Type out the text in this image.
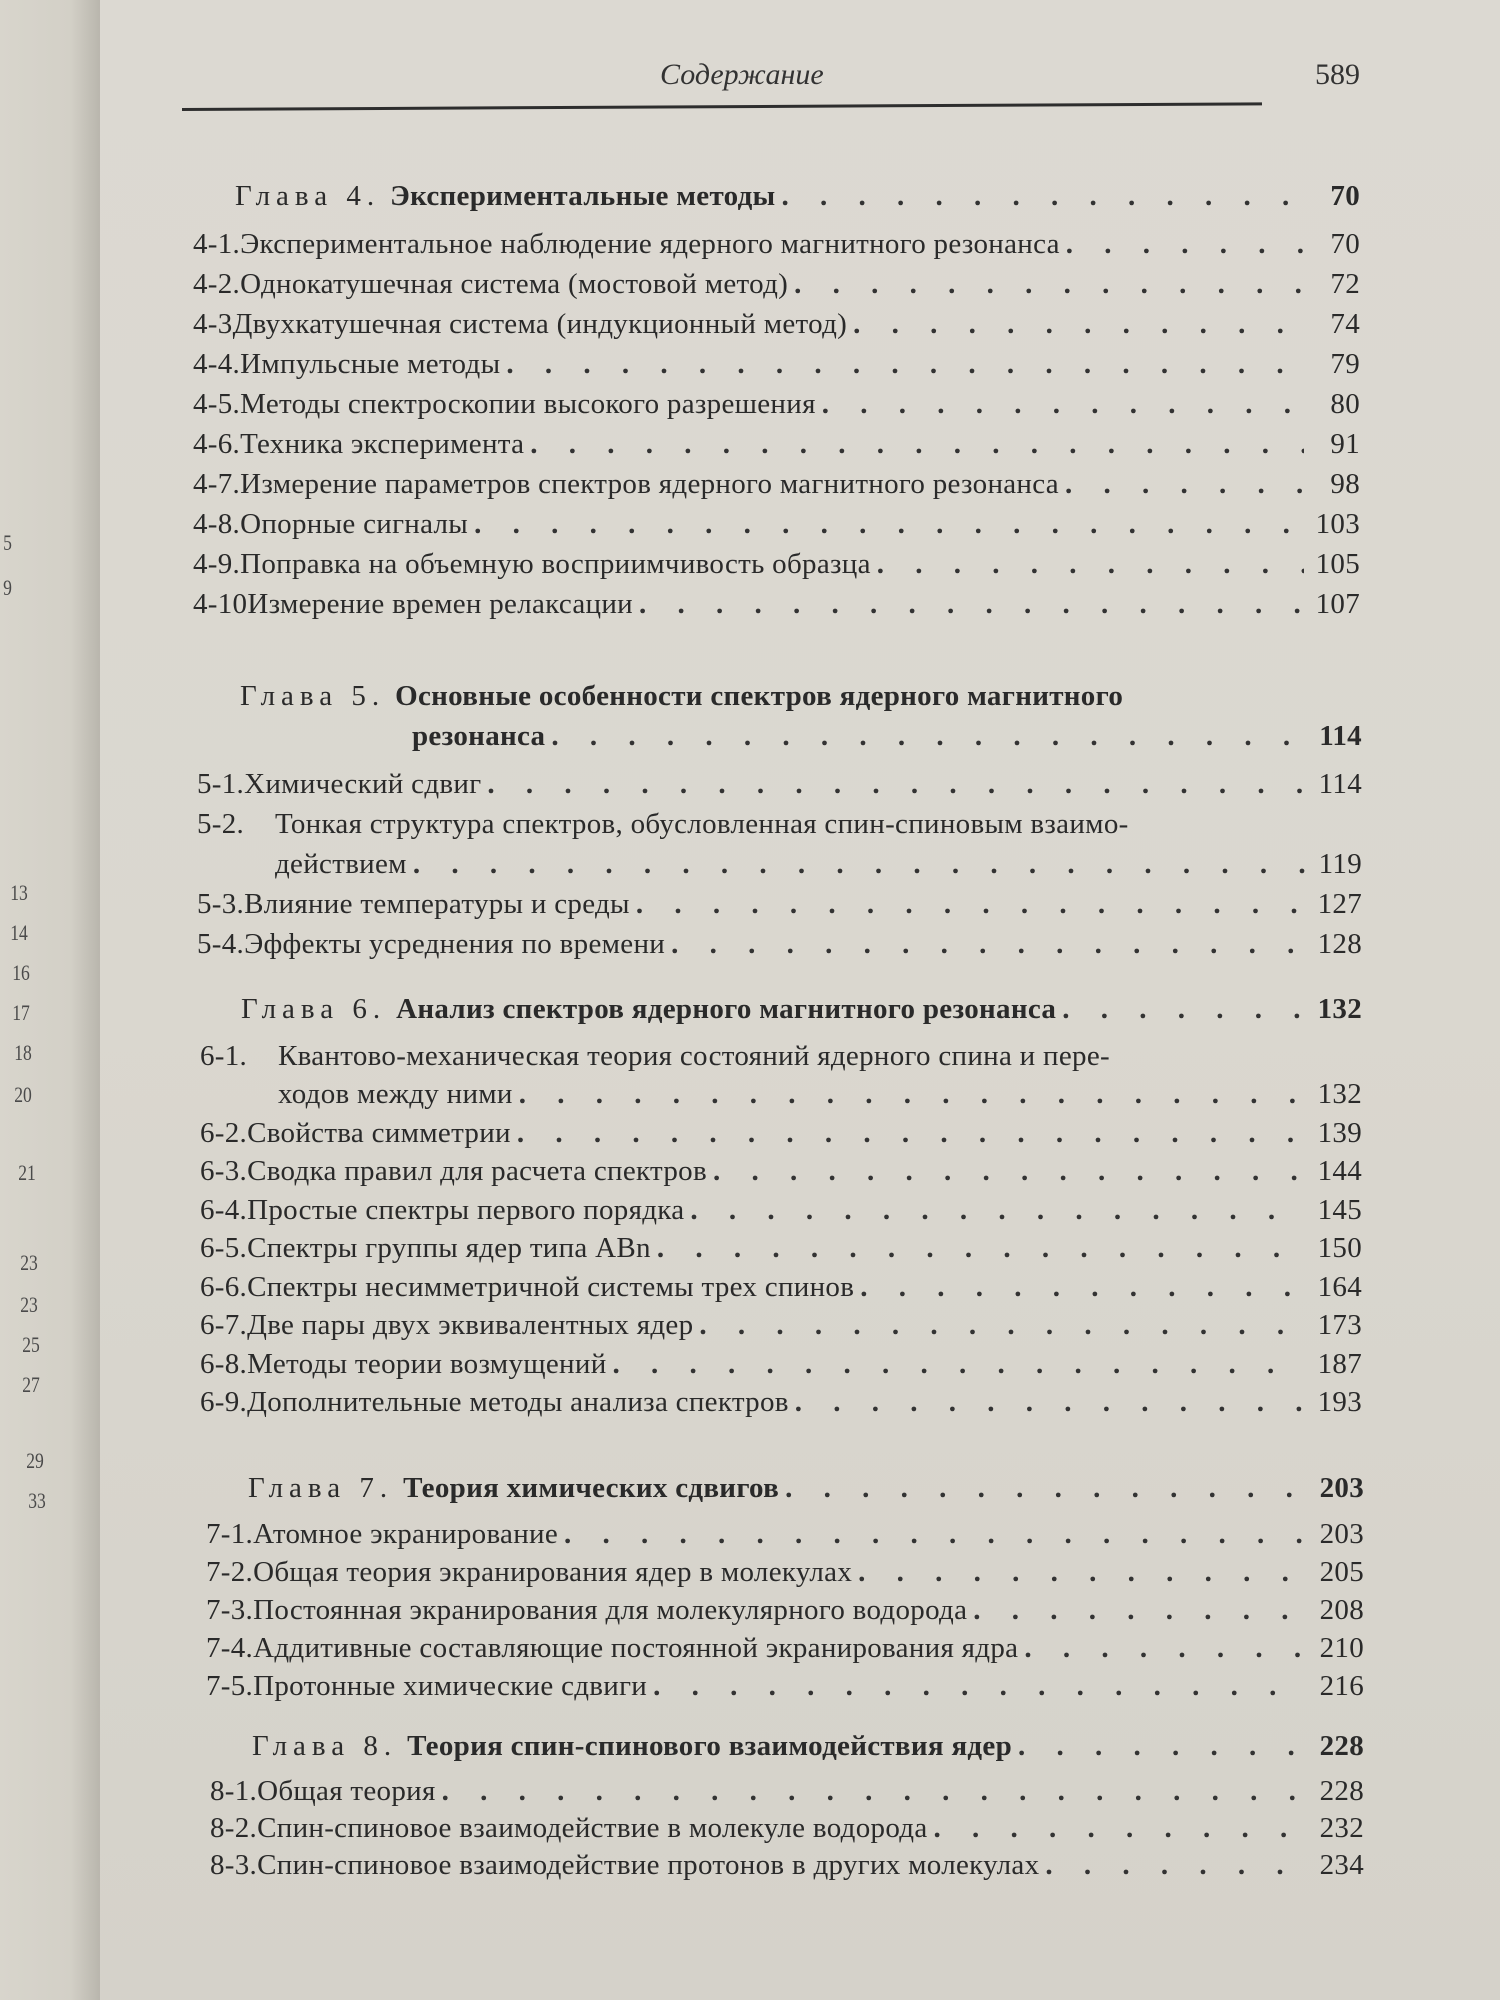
5
9
13
14
16
17
18
20
21
23
23
25
27
29
33
Содержание	589
Глава 4. Экспериментальные методы . . .	70
4-1. Экспериментальное наблюдение ядерного магнитного резонанса . . .	70
4-2. Однокатушечная система (мостовой метод) . . .	72
4-3 Двухкатушечная система (индукционный метод) . . .	74
4-4. Импульсные методы . . .	79
4-5. Методы спектроскопии высокого разрешения . . .	80
4-6. Техника эксперимента . . .	91
4-7. Измерение параметров спектров ядерного магнитного резонанса . . .	98
4-8. Опорные сигналы . . .	103
4-9. Поправка на объемную восприимчивость образца . . .	105
4-10 Измерение времен релаксации . . .	107
Глава 5. Основные особенности спектров ядерного магнитного
резонанса . . .	114
5-1. Химический сдвиг . . .	114
5-2.	Тонкая структура спектров, обусловленная спин-спиновым взаимо-
действием . . .	119
5-3. Влияние температуры и среды . . .	127
5-4. Эффекты усреднения по времени . . .	128
Глава 6. Анализ спектров ядерного магнитного резонанса . . .	132
6-1.	Квантово-механическая теория состояний ядерного спина и пере-
ходов между ними . . .	132
6-2. Свойства симметрии . . .	139
6-3. Сводка правил для расчета спектров . . .	144
6-4. Простые спектры первого порядка . . .	145
6-5. Спектры группы ядер типа ABn . . .	150
6-6. Спектры несимметричной системы трех спинов . . .	164
6-7. Две пары двух эквивалентных ядер . . .	173
6-8. Методы теории возмущений . . .	187
6-9. Дополнительные методы анализа спектров . . .	193
Глава 7. Теория химических сдвигов . . .	203
7-1. Атомное экранирование . . .	203
7-2. Общая теория экранирования ядер в молекулах . . .	205
7-3. Постоянная экранирования для молекулярного водорода . . .	208
7-4. Аддитивные составляющие постоянной экранирования ядра . . .	210
7-5. Протонные химические сдвиги . . .	216
Глава 8. Теория спин-спинового взаимодействия ядер . . .	228
8-1. Общая теория . . .	228
8-2. Спин-спиновое взаимодействие в молекуле водорода . . .	232
8-3. Спин-спиновое взаимодействие протонов в других молекулах . . .	234
